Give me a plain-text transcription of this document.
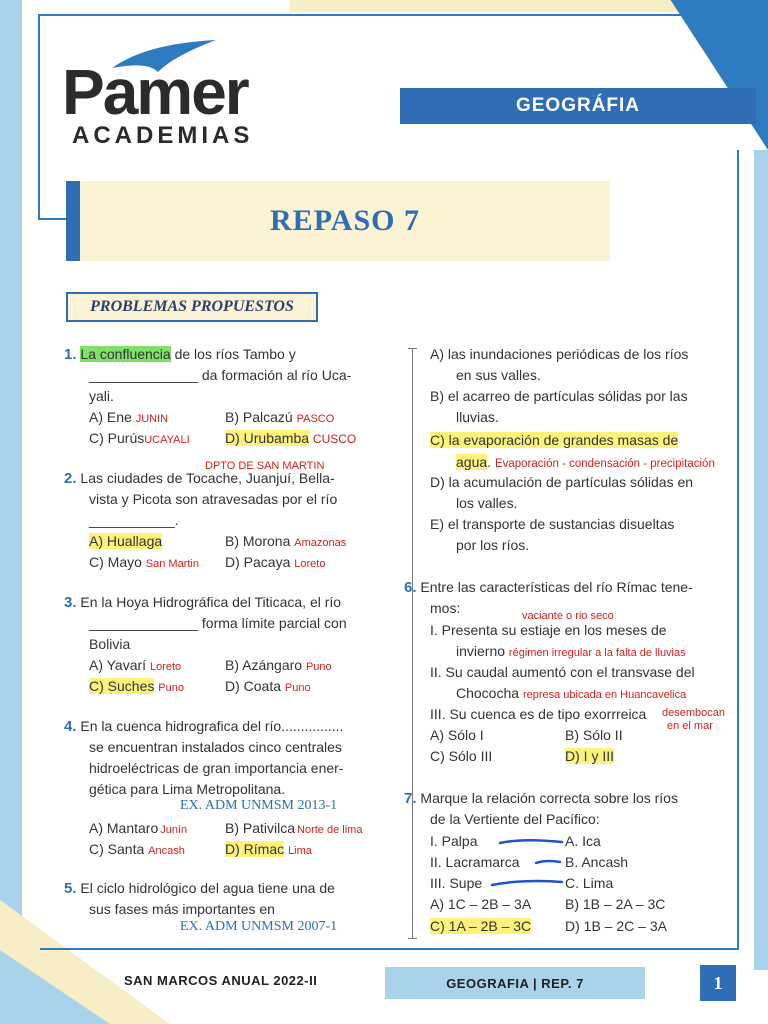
Pamer
ACADEMIAS
GEOGRÁFIA
REPASO 7
PROBLEMAS PROPUESTOS
1. La confluencia de los ríos Tambo y
______________ da formación al río Uca-
yali.
A) Ene JUNIN	B) Palcazú PASCO
C) PurúsUCAYALI	D) Urubamba CUSCO
DPTO DE SAN MARTIN
2. Las ciudades de Tocache, Juanjuí, Bella-
vista y Picota son atravesadas por el río
___________.
A) Huallaga	B) Morona Amazonas
C) Mayo San Martin D) Pacaya Loreto
3. En la Hoya Hidrográfica del Titicaca, el río
______________ forma límite parcial con
Bolivia
A) Yavarí Loreto	B) Azángaro Puno
C) Suches Puno	D) Coata Puno
4. En la cuenca hidrografica del río................
se encuentran instalados cinco centrales
hidroeléctricas de gran importancia ener-
gética para Lima Metropolitana.
EX. ADM UNMSM 2013-1
A) Mantaro Junín	B) Pativilca Norte de lima
C) Santa Ancash	D) Rímac Lima
5. El ciclo hidrológico del agua tiene una de
sus fases más importantes en
EX. ADM UNMSM 2007-1
A) las inundaciones periódicas de los ríos
en sus valles.
B) el acarreo de partículas sólidas por las
lluvias.
C) la evaporación de grandes masas de
agua. Evaporación - condensación - precipitación
D) la acumulación de partículas sólidas en
los valles.
E) el transporte de sustancias disueltas
por los ríos.
6. Entre las características del río Rímac tene-
mos:	vaciante o rio seco
I. Presenta su estiaje en los meses de
invierno régimen irregular a la falta de lluvias
II. Su caudal aumentó con el transvase del
Chococha represa ubicada en Huancavelica
III. Su cuenca es de tipo exorrreica desembocan
en el mar
A) Sólo I	B) Sólo II
C) Sólo III	D) I y III
7. Marque la relación correcta sobre los ríos
de la Vertiente del Pacífico:
I. Palpa	A. Ica
II. Lacramarca	B. Ancash
III. Supe	C. Lima
A) 1C – 2B – 3A B) 1B – 2A – 3C
C) 1A – 2B – 3C D) 1B – 2C – 3A
SAN MARCOS ANUAL 2022-II	GEOGRAFIA | REP. 7	1
